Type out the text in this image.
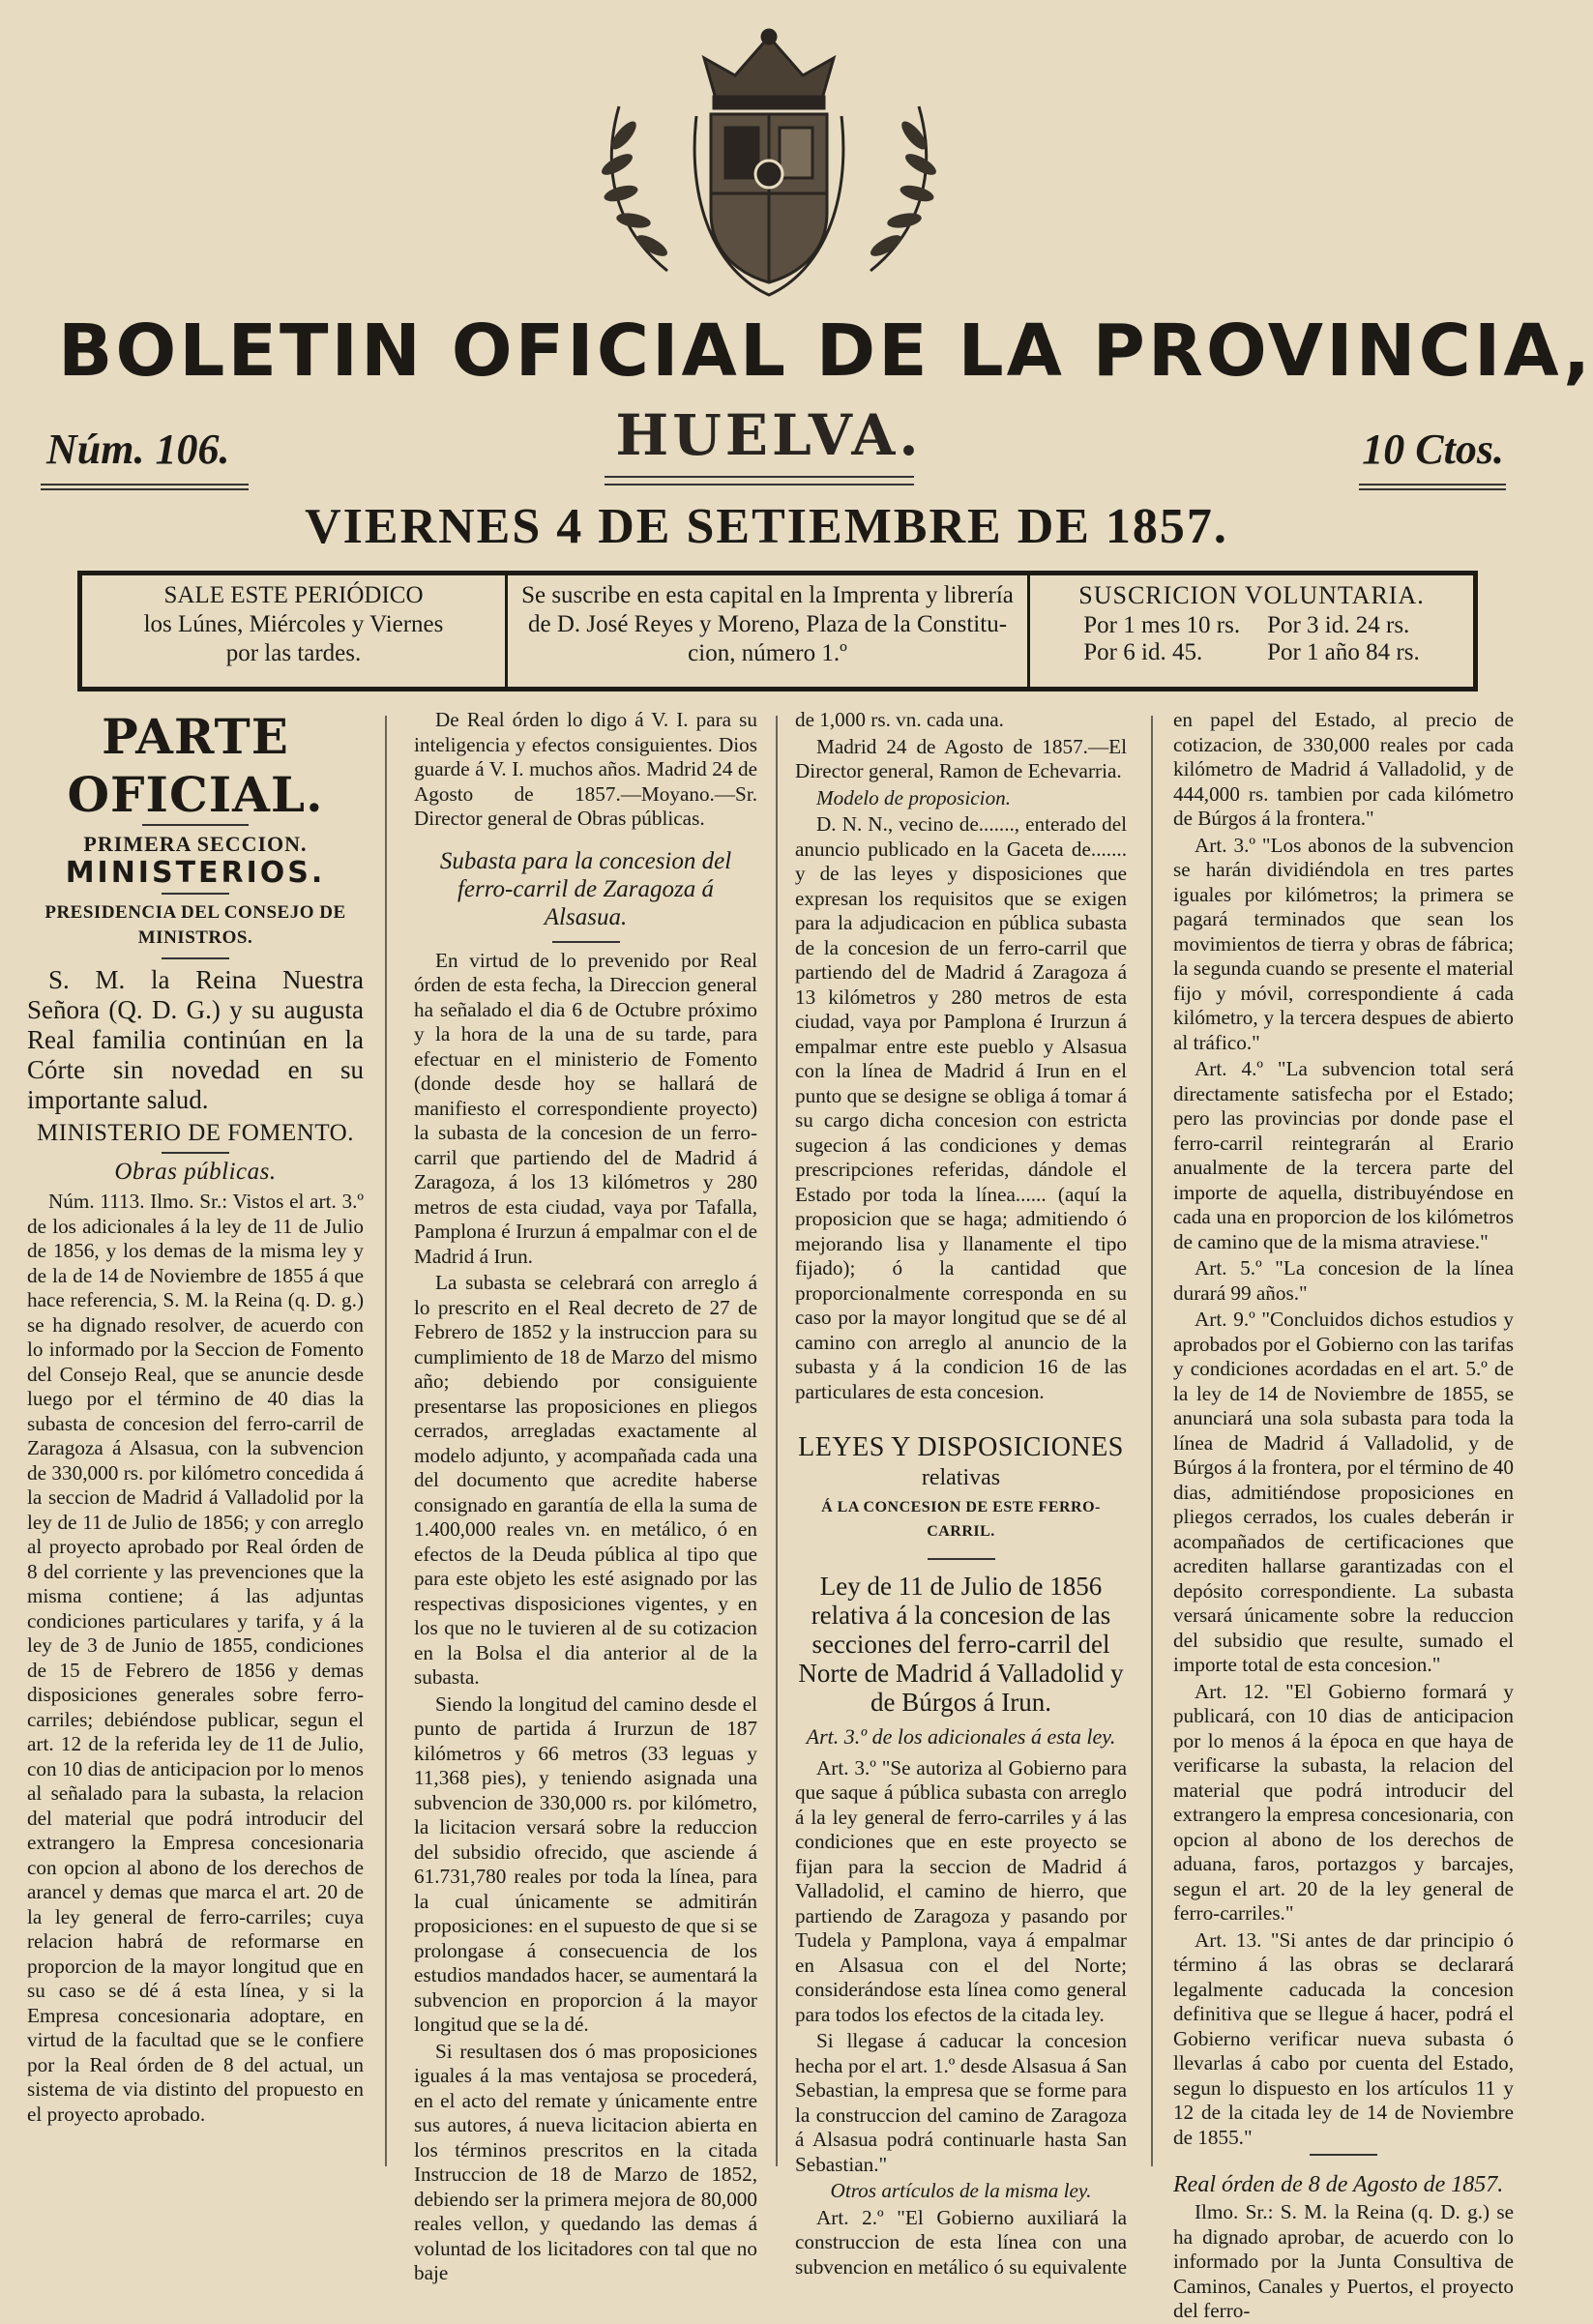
BOLETIN OFICIAL DE LA PROVINCIA,
Núm. 106.	HUELVA.	10 Ctos.
VIERNES 4 DE SETIEMBRE DE 1857.
SALE ESTE PERIÓDICO
los Lúnes, Miércoles y Viernes
por las tardes.
Se suscribe en esta capital en la Imprenta y librería
de D. José Reyes y Moreno, Plaza de la Constitu-
cion, número 1.º
SUSCRICION VOLUNTARIA.
Por 1 mes 10 rs.	Por 3 id. 24 rs.
Por 6 id. 45.	Por 1 año 84 rs.
PARTE OFICIAL.
PRIMERA SECCION.
MINISTERIOS.
PRESIDENCIA DEL CONSEJO DE MINISTROS.

S. M. la Reina Nuestra Señora (Q. D. G.) y su augusta Real familia continúan en la Córte sin novedad en su importante salud.

MINISTERIO DE FOMENTO.
Obras públicas.

Núm. 1113. Ilmo. Sr.: Vistos el art. 3.º de los adicionales á la ley de 11 de Julio de 1856, y los demas de la misma ley y de la de 14 de Noviembre de 1855 á que hace referencia, S. M. la Reina (q. D. g.) se ha dignado resolver, de acuerdo con lo informado por la Seccion de Fomento del Consejo Real, que se anuncie desde luego por el término de 40 dias la subasta de concesion del ferro-carril de Zaragoza á Alsasua, con la subvencion de 330,000 rs. por kilómetro concedida á la seccion de Madrid á Valladolid por la ley de 11 de Julio de 1856; y con arreglo al proyecto aprobado por Real órden de 8 del corriente y las prevenciones que la misma contiene; á las adjuntas condiciones particulares y tarifa, y á la ley de 3 de Junio de 1855, condiciones de 15 de Febrero de 1856 y demas disposiciones generales sobre ferro-carriles; debiéndose publicar, segun el art. 12 de la referida ley de 11 de Julio, con 10 dias de anticipacion por lo menos al señalado para la subasta, la relacion del material que podrá introducir del extrangero la Empresa concesionaria con opcion al abono de los derechos de arancel y demas que marca el art. 20 de la ley general de ferro-carriles; cuya relacion habrá de reformarse en proporcion de la mayor longitud que en su caso se dé á esta línea, y si la Empresa concesionaria adoptare, en virtud de la facultad que se le confiere por la Real órden de 8 del actual, un sistema de via distinto del propuesto en el proyecto aprobado.

De Real órden lo digo á V. I. para su inteligencia y efectos consiguientes. Dios guarde á V. I. muchos años. Madrid 24 de Agosto de 1857.—Moyano.—Sr. Director general de Obras públicas.

Subasta para la concesion del ferro-carril de Zaragoza á Alsasua.

En virtud de lo prevenido por Real órden de esta fecha, la Direccion general ha señalado el dia 6 de Octubre próximo y la hora de la una de su tarde, para efectuar en el ministerio de Fomento (donde desde hoy se hallará de manifiesto el correspondiente proyecto) la subasta de la concesion de un ferro-carril que partiendo del de Madrid á Zaragoza, á los 13 kilómetros y 280 metros de esta ciudad, vaya por Tafalla, Pamplona é Irurzun á empalmar con el de Madrid á Irun.

La subasta se celebrará con arreglo á lo prescrito en el Real decreto de 27 de Febrero de 1852 y la instruccion para su cumplimiento de 18 de Marzo del mismo año; debiendo por consiguiente presentarse las proposiciones en pliegos cerrados, arregladas exactamente al modelo adjunto, y acompañada cada una del documento que acredite haberse consignado en garantía de ella la suma de 1.400,000 reales vn. en metálico, ó en efectos de la Deuda pública al tipo que para este objeto les esté asignado por las respectivas disposiciones vigentes, y en los que no le tuvieren al de su cotizacion en la Bolsa el dia anterior al de la subasta.

Siendo la longitud del camino desde el punto de partida á Irurzun de 187 kilómetros y 66 metros (33 leguas y 11,368 pies), y teniendo asignada una subvencion de 330,000 rs. por kilómetro, la licitacion versará sobre la reduccion del subsidio ofrecido, que asciende á 61.731,780 reales por toda la línea, para la cual únicamente se admitirán proposiciones: en el supuesto de que si se prolongase á consecuencia de los estudios mandados hacer, se aumentará la subvencion en proporcion á la mayor longitud que se la dé.

Si resultasen dos ó mas proposiciones iguales á la mas ventajosa se procederá, en el acto del remate y únicamente entre sus autores, á nueva licitacion abierta en los términos prescritos en la citada Instruccion de 18 de Marzo de 1852, debiendo ser la primera mejora de 80,000 reales vellon, y quedando las demas á voluntad de los licitadores con tal que no baje

de 1,000 rs. vn. cada una.

Madrid 24 de Agosto de 1857.—El Director general, Ramon de Echevarria.

Modelo de proposicion.

D. N. N., vecino de......., enterado del anuncio publicado en la Gaceta de....... y de las leyes y disposiciones que expresan los requisitos que se exigen para la adjudicacion en pública subasta de la concesion de un ferro-carril que partiendo del de Madrid á Zaragoza á 13 kilómetros y 280 metros de esta ciudad, vaya por Pamplona é Irurzun á empalmar entre este pueblo y Alsasua con la línea de Madrid á Irun en el punto que se designe se obliga á tomar á su cargo dicha concesion con estricta sugecion á las condiciones y demas prescripciones referidas, dándole el Estado por toda la línea...... (aquí la proposicion que se haga; admitiendo ó mejorando lisa y llanamente el tipo fijado); ó la cantidad que proporcionalmente corresponda en su caso por la mayor longitud que se dé al camino con arreglo al anuncio de la subasta y á la condicion 16 de las particulares de esta concesion.

LEYES Y DISPOSICIONES
relativas
Á LA CONCESION DE ESTE FERRO-CARRIL.
Ley de 11 de Julio de 1856 relativa á la concesion de las secciones del ferro-carril del Norte de Madrid á Valladolid y de Búrgos á Irun.
Art. 3.º de los adicionales á esta ley.

Art. 3.º "Se autoriza al Gobierno para que saque á pública subasta con arreglo á la ley general de ferro-carriles y á las condiciones que en este proyecto se fijan para la seccion de Madrid á Valladolid, el camino de hierro, que partiendo de Zaragoza y pasando por Tudela y Pamplona, vaya á empalmar en Alsasua con el del Norte; considerándose esta línea como general para todos los efectos de la citada ley.

Si llegase á caducar la concesion hecha por el art. 1.º desde Alsasua á San Sebastian, la empresa que se forme para la construccion del camino de Zaragoza á Alsasua podrá continuarle hasta San Sebastian."

Otros artículos de la misma ley.

Art. 2.º "El Gobierno auxiliará la construccion de esta línea con una subvencion en metálico ó su equivalente

en papel del Estado, al precio de cotizacion, de 330,000 reales por cada kilómetro de Madrid á Valladolid, y de 444,000 rs. tambien por cada kilómetro de Búrgos á la frontera."

Art. 3.º "Los abonos de la subvencion se harán dividiéndola en tres partes iguales por kilómetros; la primera se pagará terminados que sean los movimientos de tierra y obras de fábrica; la segunda cuando se presente el material fijo y móvil, correspondiente á cada kilómetro, y la tercera despues de abierto al tráfico."

Art. 4.º "La subvencion total será directamente satisfecha por el Estado; pero las provincias por donde pase el ferro-carril reintegrarán al Erario anualmente de la tercera parte del importe de aquella, distribuyéndose en cada una en proporcion de los kilómetros de camino que de la misma atraviese."

Art. 5.º "La concesion de la línea durará 99 años."

Art. 9.º "Concluidos dichos estudios y aprobados por el Gobierno con las tarifas y condiciones acordadas en el art. 5.º de la ley de 14 de Noviembre de 1855, se anunciará una sola subasta para toda la línea de Madrid á Valladolid, y de Búrgos á la frontera, por el término de 40 dias, admitiéndose proposiciones en pliegos cerrados, los cuales deberán ir acompañados de certificaciones que acrediten hallarse garantizadas con el depósito correspondiente. La subasta versará únicamente sobre la reduccion del subsidio que resulte, sumado el importe total de esta concesion."

Art. 12. "El Gobierno formará y publicará, con 10 dias de anticipacion por lo menos á la época en que haya de verificarse la subasta, la relacion del material que podrá introducir del extrangero la empresa concesionaria, con opcion al abono de los derechos de aduana, faros, portazgos y barcajes, segun el art. 20 de la ley general de ferro-carriles."

Art. 13. "Si antes de dar principio ó término á las obras se declarará legalmente caducada la concesion definitiva que se llegue á hacer, podrá el Gobierno verificar nueva subasta ó llevarlas á cabo por cuenta del Estado, segun lo dispuesto en los artículos 11 y 12 de la citada ley de 14 de Noviembre de 1855."

Real órden de 8 de Agosto de 1857.

Ilmo. Sr.: S. M. la Reina (q. D. g.) se ha dignado aprobar, de acuerdo con lo informado por la Junta Consultiva de Caminos, Canales y Puertos, el proyecto del ferro-
